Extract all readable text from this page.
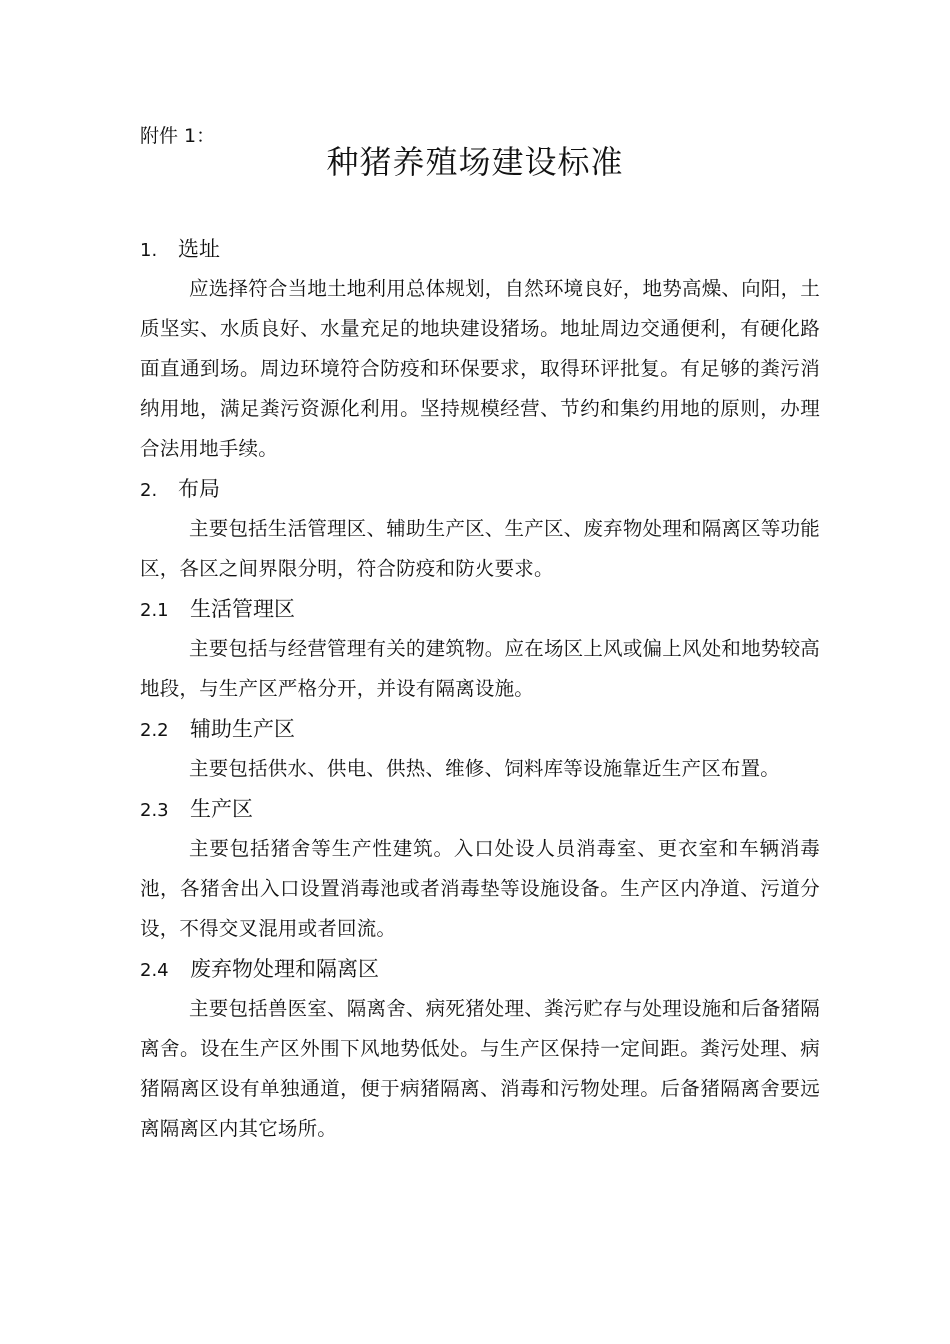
附件 1：
种猪养殖场建设标准
1. 选址
应选择符合当地土地利用总体规划，自然环境良好，地势高燥、向阳，土质坚实、水质良好、水量充足的地块建设猪场。地址周边交通便利，有硬化路面直通到场。周边环境符合防疫和环保要求，取得环评批复。有足够的粪污消纳用地，满足粪污资源化利用。坚持规模经营、节约和集约用地的原则，办理合法用地手续。
2. 布局
主要包括生活管理区、辅助生产区、生产区、废弃物处理和隔离区等功能区，各区之间界限分明，符合防疫和防火要求。
2.1 生活管理区
主要包括与经营管理有关的建筑物。应在场区上风或偏上风处和地势较高地段，与生产区严格分开，并设有隔离设施。
2.2 辅助生产区
主要包括供水、供电、供热、维修、饲料库等设施靠近生产区布置。
2.3 生产区
主要包括猪舍等生产性建筑。入口处设人员消毒室、更衣室和车辆消毒池，各猪舍出入口设置消毒池或者消毒垫等设施设备。生产区内净道、污道分设，不得交叉混用或者回流。
2.4 废弃物处理和隔离区
主要包括兽医室、隔离舍、病死猪处理、粪污贮存与处理设施和后备猪隔离舍。设在生产区外围下风地势低处。与生产区保持一定间距。粪污处理、病猪隔离区设有单独通道，便于病猪隔离、消毒和污物处理。后备猪隔离舍要远离隔离区内其它场所。
